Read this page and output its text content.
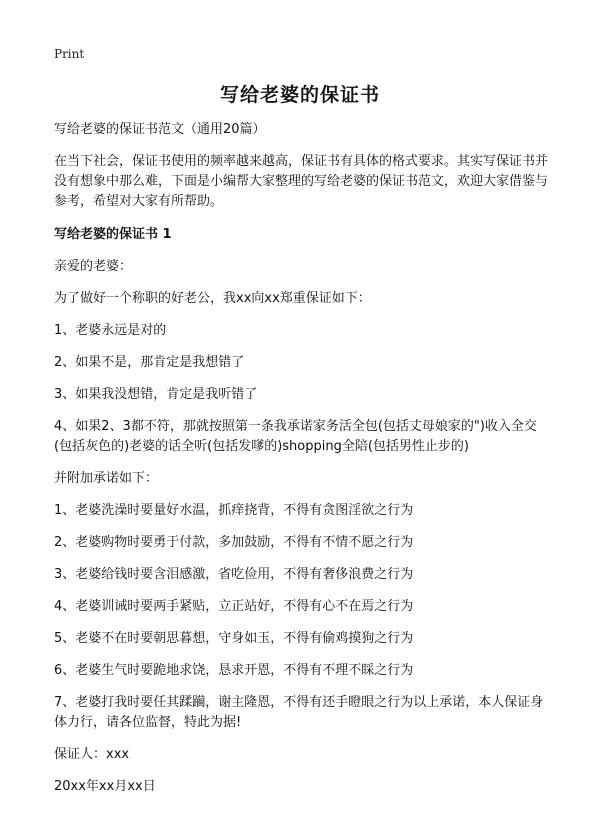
Print
写给老婆的保证书

写给老婆的保证书范文（通用20篇）

在当下社会，保证书使用的频率越来越高，保证书有具体的格式要求。其实写保证书并没有想象中那么难，下面是小编帮大家整理的写给老婆的保证书范文，欢迎大家借鉴与参考，希望对大家有所帮助。

写给老婆的保证书 1

亲爱的老婆：

为了做好一个称职的好老公，我xx向xx郑重保证如下：

1、老婆永远是对的

2、如果不是，那肯定是我想错了

3、如果我没想错，肯定是我听错了

4、如果2、3都不符，那就按照第一条我承诺家务活全包(包括丈母娘家的")收入全交(包括灰色的)老婆的话全听(包括发嗲的)shopping全陪(包括男性止步的)

并附加承诺如下：

1、老婆洗澡时要量好水温，抓痒挠背，不得有贪图淫欲之行为

2、老婆购物时要勇于付款，多加鼓励，不得有不情不愿之行为

3、老婆给钱时要含泪感激，省吃俭用，不得有奢侈浪费之行为

4、老婆训诫时要两手紧贴，立正站好，不得有心不在焉之行为

5、老婆不在时要朝思暮想，守身如玉，不得有偷鸡摸狗之行为

6、老婆生气时要跪地求饶，恳求开恩，不得有不理不睬之行为

7、老婆打我时要任其蹂躏，谢主隆恩，不得有还手瞪眼之行为以上承诺，本人保证身体力行，请各位监督，特此为据!

保证人：xxx

20xx年xx月xx日
